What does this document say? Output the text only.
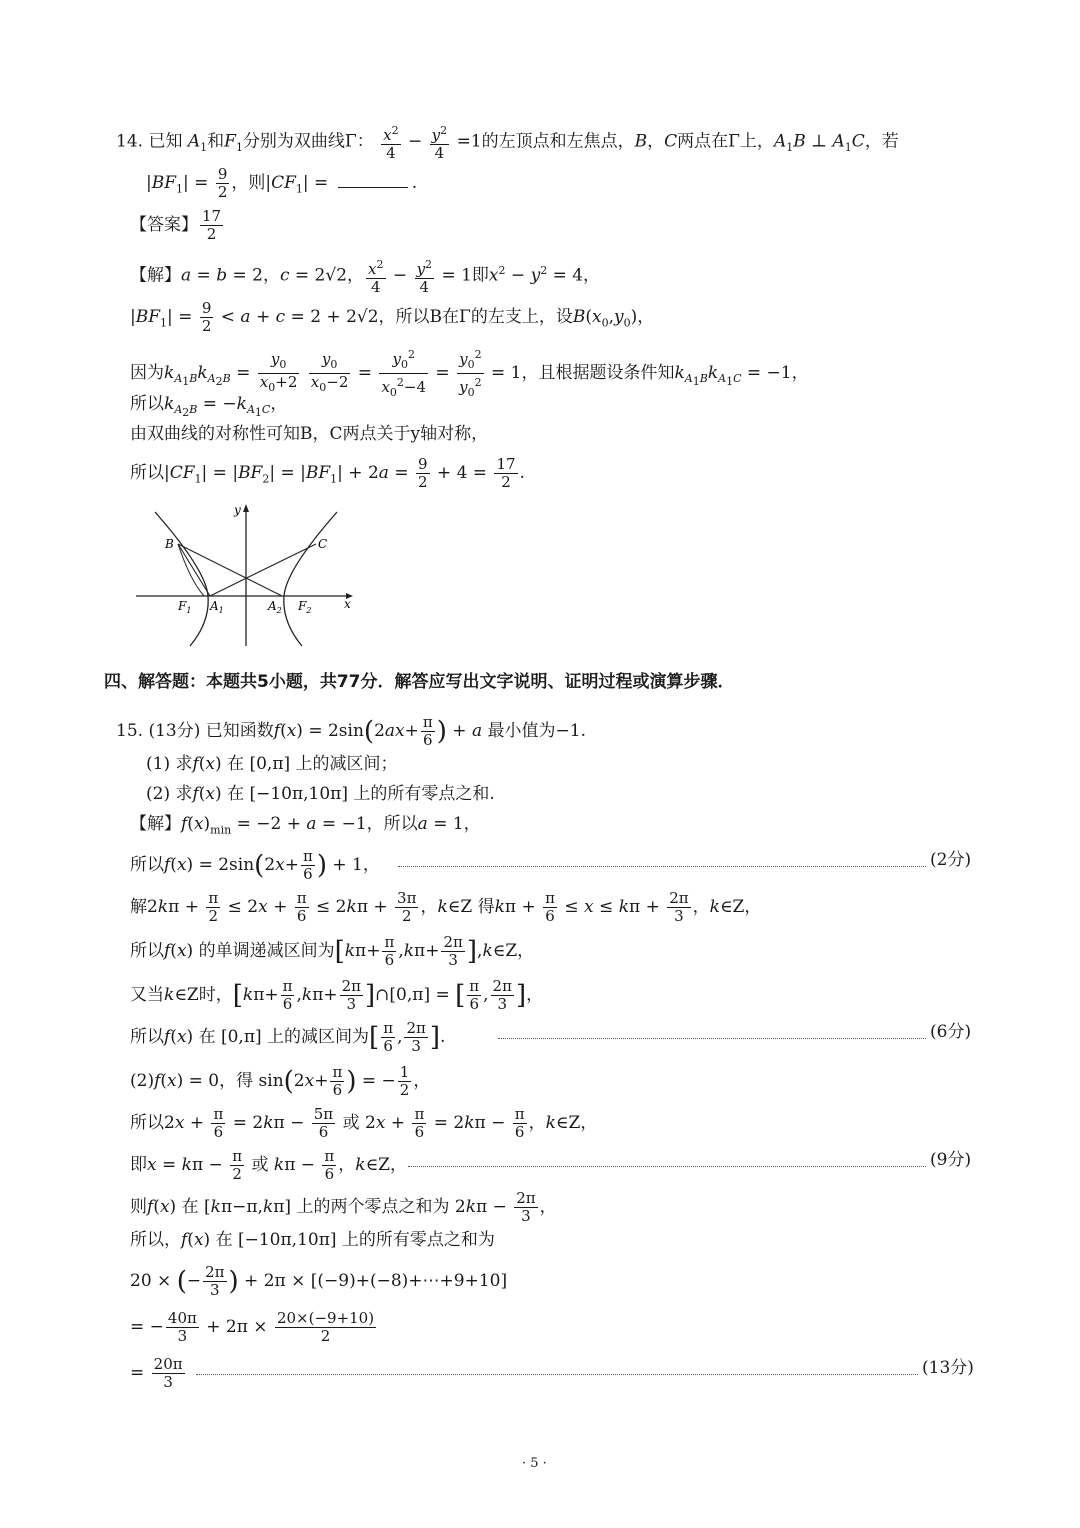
14. 已知 $A_1$和$F_1$分别为双曲线Γ： $\frac{x^2}{4} - \frac{y^2}{4} =1$的左顶点和左焦点，B，C两点在Γ上，$A_1B$ ⊥ $A_1C$，若
$|BF_1| = \frac{9}{2}$ ，则$|CF_1|$ =	.
【答案】 $\frac{17}{2}$
【解】a = b = 2，c = 2√2， $\frac{x^2}{4} - \frac{y^2}{4} = 1$即$x^2 - y^2 = 4$，
$|BF_1| = \frac{9}{2} < a + c = 2 + 2√2$，所以B在Γ的左支上，设$B(x_0,y_0)$，
因为$k_{A_1B}k_{A_2B} = \frac{y_0}{x_0+2}$
$\frac{y_0}{x_0-2} = \frac{y_0^2}{x_0^2-4} = \frac{y_0^2}{y_0^2} = 1$，且根据题设条件知$k_{A_1B}k_{A_1C} = -1$，
所以$k_{A_2B} = -k_{A_1C}$，
由双曲线的对称性可知B，C两点关于y轴对称，
所以$|CF_1| = |BF_2| = |BF_1| + 2a = \frac{9}{2} + 4 = \frac{17}{2}$ .
y
x
B	C
$F_1$ $A_1$	$A_2$ $F_2$
四、解答题：本题共5小题，共77分．解答应写出文字说明、证明过程或演算步骤．
15. (13分) 已知函数$f(x) = 2\sin(2ax+ \frac{\pi}{6}$ ) + a 最小值为−1.
(1) 求f(x) 在 [0,π] 上的减区间；
(2) 求f(x) 在 [−10π,10π] 上的所有零点之和.
【解】$f(x)_{min} = -2 + a = -1$，所以a = 1，
所以$f(x) = 2\sin(2x+ \frac{\pi}{6}$ ) + 1，	(2分)
解$2k\pi + \frac{\pi}{2} \le 2x + \frac{\pi}{6} \le 2k\pi + \frac{3\pi}{2}$ ，k∈Z 得$k\pi + \frac{\pi}{6} \le x \le k\pi + \frac{2\pi}{3}$ ，k∈Z，
所以f(x) 的单调递减区间为[$k\pi+ \frac{\pi}{6} ,k\pi+ \frac{2\pi}{3}$ ],k∈Z，
又当k∈Z时，[$k\pi+ \frac{\pi}{6} ,k\pi+ \frac{2\pi}{3}$ ]∩[0,π] = [ $\frac{\pi}{6}$ , $\frac{2\pi}{3}$ ]，
所以f(x) 在 [0,π] 上的减区间为[ $\frac{\pi}{6}$ , $\frac{2\pi}{3}$ ].	(6分)
(2)f(x) = 0，得 $\sin(2x+ \frac{\pi}{6}$ ) = − $\frac{1}{2}$ ，
所以$2x + \frac{\pi}{6} = 2k\pi - \frac{5\pi}{6}$ 或 $2x + \frac{\pi}{6} = 2k\pi - \frac{\pi}{6}$ ，k∈Z，
即$x = k\pi - \frac{\pi}{2}$ 或 $k\pi - \frac{\pi}{6}$ ，k∈Z，	(9分)
则f(x) 在 [kπ−π,kπ] 上的两个零点之和为 $2k\pi - \frac{2\pi}{3}$ ，
所以，f(x) 在 [−10π,10π] 上的所有零点之和为
20 × (− $\frac{2\pi}{3}$ ) + 2π × [(−9)+(−8)+⋯+9+10]
= − $\frac{40\pi}{3} + 2\pi \times \frac{20\times(-9+10)}{2}$
= $\frac{20\pi}{3}$	(13分)
· 5 ·
